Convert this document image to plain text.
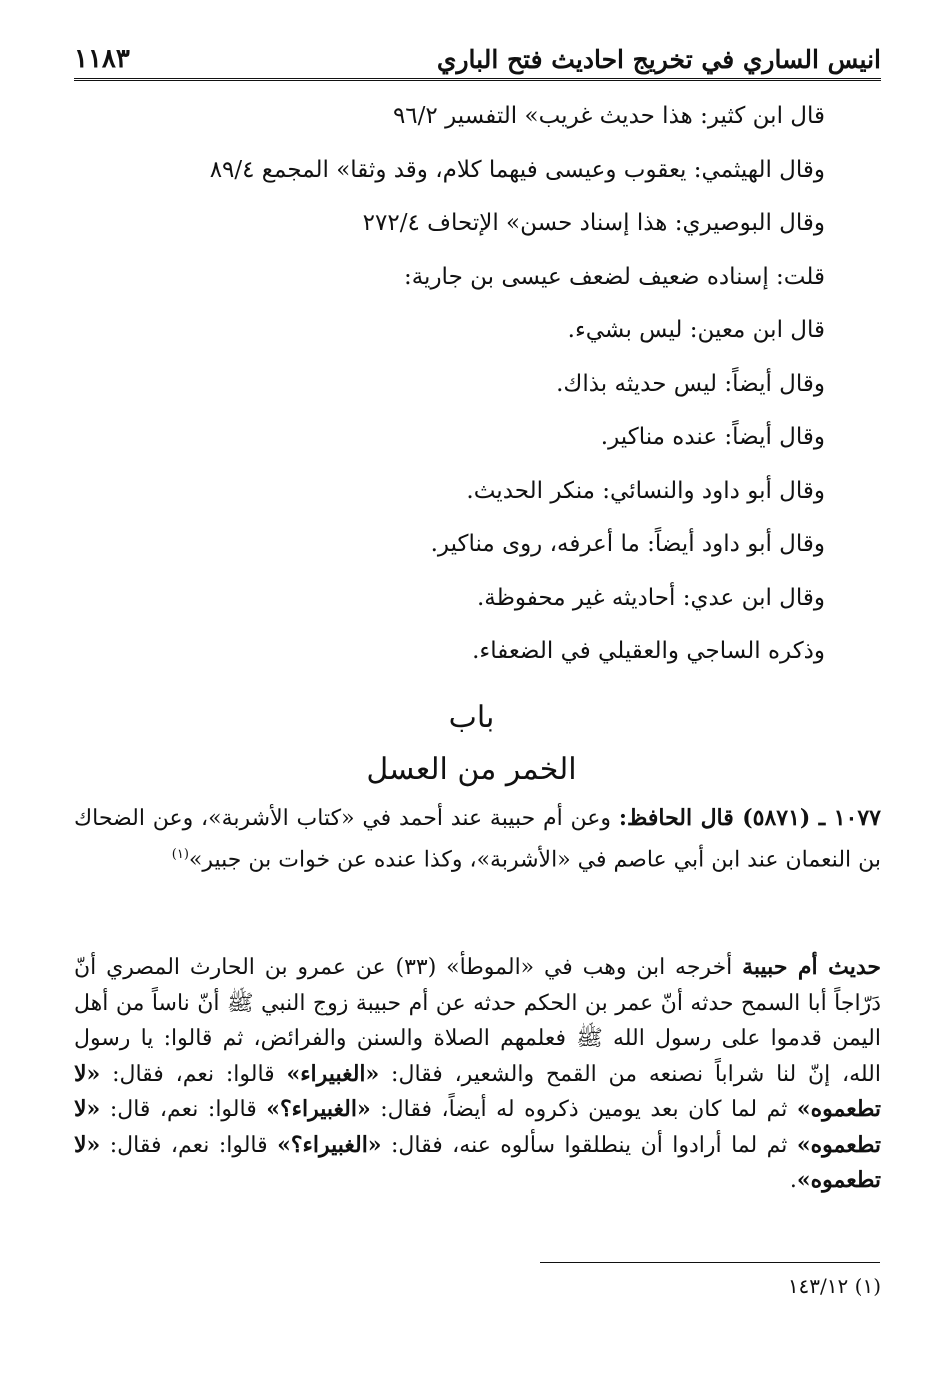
انيس الساري في تخريج احاديث فتح الباري
١١٨٣
قال ابن كثير: هذا حديث غريب» التفسير ٩٦/٢
وقال الهيثمي: يعقوب وعيسى فيهما كلام، وقد وثقا» المجمع ٨٩/٤
وقال البوصيري: هذا إسناد حسن» الإتحاف ٢٧٢/٤
قلت: إسناده ضعيف لضعف عيسى بن جارية:
قال ابن معين: ليس بشيء.
وقال أيضاً: ليس حديثه بذاك.
وقال أيضاً: عنده مناكير.
وقال أبو داود والنسائي: منكر الحديث.
وقال أبو داود أيضاً: ما أعرفه، روى مناكير.
وقال ابن عدي: أحاديثه غير محفوظة.
وذكره الساجي والعقيلي في الضعفاء.
باب
الخمر من العسل
١٠٧٧ ـ (٥٨٧١) قال الحافظ: وعن أم حبيبة عند أحمد في «كتاب الأشربة»، وعن الضحاك بن النعمان عند ابن أبي عاصم في «الأشربة»، وكذا عنده عن خوات بن جبير»$^{(١)}$
حديث أم حبيبة أخرجه ابن وهب في «الموطأ» (٣٣) عن عمرو بن الحارث المصري أنّ دَرّاجاً أبا السمح حدثه أنّ عمر بن الحكم حدثه عن أم حبيبة زوج النبي ﷺ أنّ ناساً من أهل اليمن قدموا على رسول الله ﷺ فعلمهم الصلاة والسنن والفرائض، ثم قالوا: يا رسول الله، إنّ لنا شراباً نصنعه من القمح والشعير، فقال: «الغبيراء» قالوا: نعم، فقال: «لا تطعموه» ثم لما كان بعد يومين ذكروه له أيضاً، فقال: «الغبيراء؟» قالوا: نعم، قال: «لا تطعموه» ثم لما أرادوا أن ينطلقوا سألوه عنه، فقال: «الغبيراء؟» قالوا: نعم، فقال: «لا تطعموه».
(١) ١٤٣/١٢
